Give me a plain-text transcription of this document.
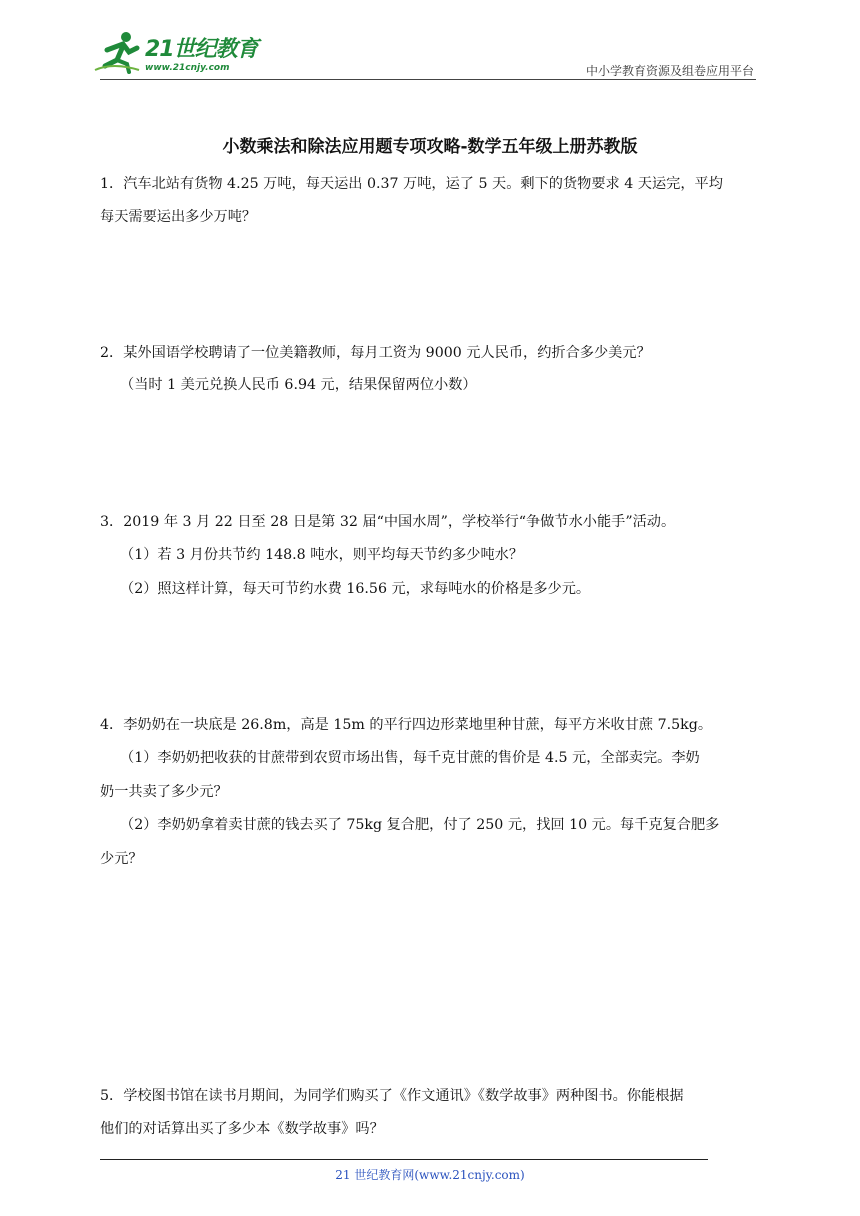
21世纪教育
www.21cnjy.com	中小学教育资源及组卷应用平台
小数乘法和除法应用题专项攻略-数学五年级上册苏教版
1．汽车北站有货物 4.25 万吨，每天运出 0.37 万吨，运了 5 天。剩下的货物要求 4 天运完，平均
每天需要运出多少万吨？
2．某外国语学校聘请了一位美籍教师，每月工资为 9000 元人民币，约折合多少美元？
（当时 1 美元兑换人民币 6.94 元，结果保留两位小数）
3．2019 年 3 月 22 日至 28 日是第 32 届“中国水周”，学校举行“争做节水小能手”活动。
（1）若 3 月份共节约 148.8 吨水，则平均每天节约多少吨水？
（2）照这样计算，每天可节约水费 16.56 元，求每吨水的价格是多少元。
4．李奶奶在一块底是 26.8m，高是 15m 的平行四边形菜地里种甘蔗，每平方米收甘蔗 7.5kg。
（1）李奶奶把收获的甘蔗带到农贸市场出售，每千克甘蔗的售价是 4.5 元，全部卖完。李奶
奶一共卖了多少元？
（2）李奶奶拿着卖甘蔗的钱去买了 75kg 复合肥，付了 250 元，找回 10 元。每千克复合肥多
少元？
5．学校图书馆在读书月期间，为同学们购买了《作文通讯》《数学故事》两种图书。你能根据
他们的对话算出买了多少本《数学故事》吗？
21 世纪教育网(www.21cnjy.com)
